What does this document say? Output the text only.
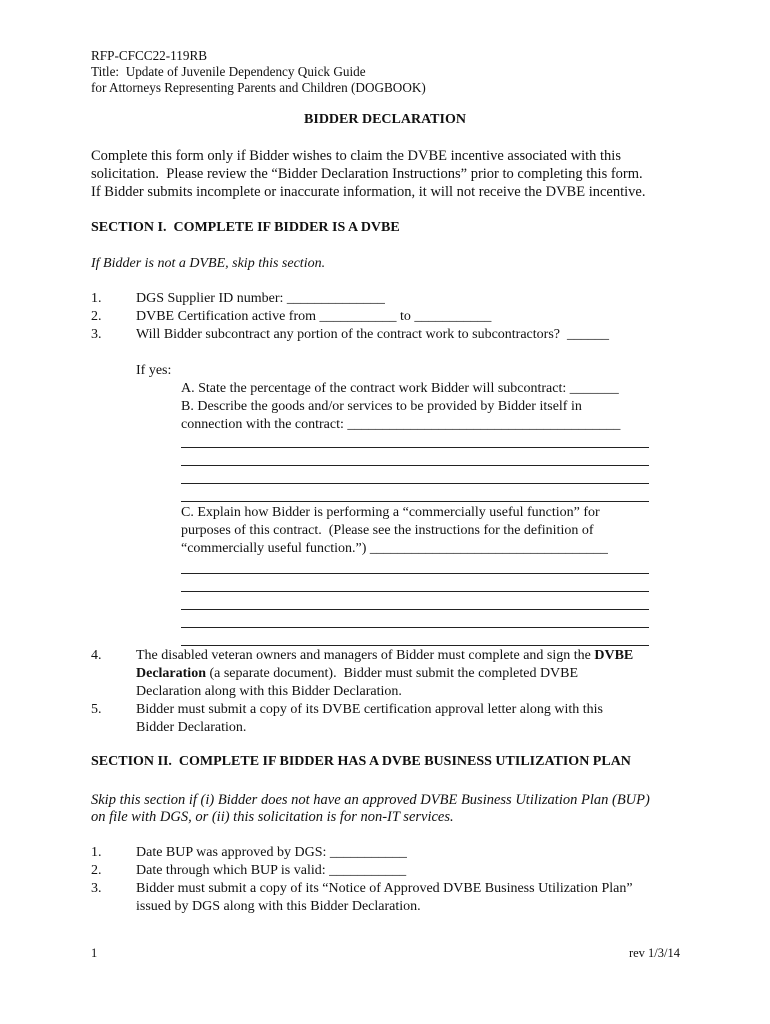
RFP-CFCC22-119RB
Title:  Update of Juvenile Dependency Quick Guide
for Attorneys Representing Parents and Children (DOGBOOK)
BIDDER DECLARATION
Complete this form only if Bidder wishes to claim the DVBE incentive associated with this
solicitation.  Please review the “Bidder Declaration Instructions” prior to completing this form.
If Bidder submits incomplete or inaccurate information, it will not receive the DVBE incentive.
SECTION I.  COMPLETE IF BIDDER IS A DVBE
If Bidder is not a DVBE, skip this section.
1.	DGS Supplier ID number: ______________
2.	DVBE Certification active from ___________ to ___________
3.	Will Bidder subcontract any portion of the contract work to subcontractors?  ______
If yes:
A. State the percentage of the contract work Bidder will subcontract: _______
B. Describe the goods and/or services to be provided by Bidder itself in
connection with the contract: _______________________________________
C. Explain how Bidder is performing a “commercially useful function” for
purposes of this contract.  (Please see the instructions for the definition of
“commercially useful function.”) __________________________________
4.	The disabled veteran owners and managers of Bidder must complete and sign the DVBE
Declaration (a separate document).  Bidder must submit the completed DVBE
Declaration along with this Bidder Declaration.
5.	Bidder must submit a copy of its DVBE certification approval letter along with this
Bidder Declaration.
SECTION II.  COMPLETE IF BIDDER HAS A DVBE BUSINESS UTILIZATION PLAN
Skip this section if (i) Bidder does not have an approved DVBE Business Utilization Plan (BUP)
on file with DGS, or (ii) this solicitation is for non-IT services.
1.	Date BUP was approved by DGS: ___________
2.	Date through which BUP is valid: ___________
3.	Bidder must submit a copy of its “Notice of Approved DVBE Business Utilization Plan”
issued by DGS along with this Bidder Declaration.
1	rev 1/3/14
